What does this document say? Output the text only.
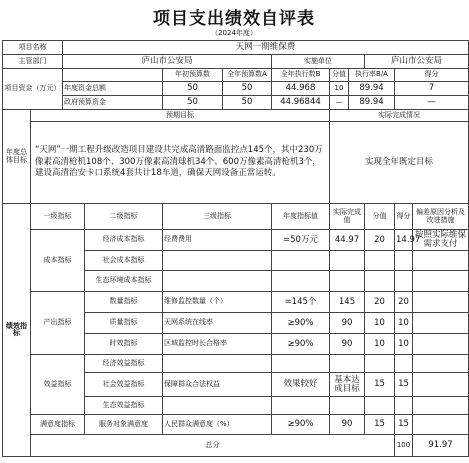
项目支出绩效自评表
（2024年度）
项目名称		天网一期维保费										
主管部门		庐山市公安局				实施单位			庐山市公安局			
项目资金（万元）				年初预算数	全年预算数A	全年执行数B	分值	执行率B/A		得分		
		年度资金总额		50	50	44.968	10	89.94		7		
		政府预算资金		50	50	44.96844	—	89.94		—		
年度总体目标	预期目标						实际完成情况					
	“天网”一期工程升级改造项目建设共完成高清路面监控点145个，其中230万像素高清枪机108个、300万像素高清球机34个、600万像素高清枪机3个，建设高清治安卡口系统4套共计18车道，确保天网设备正常运转。						实现全年既定目标					
绩效指标	一级指标		二级指标	三级指标		年度指标值	实际完成值		分值	得分	偏差原因分析及改进措施	
	成本指标		经济成本指标	经费费用		=50万元	44.97		20	14.97	按照实际维保需求支付	
			社会成本指标									
			生态环境成本指标									
	产出指标		数量指标	维修监控数量（个）		=145个	145		20	20		
			质量指标	天网系统在线率		≥90%	90		10	10		
			时效指标	区域监控时长合格率		≥90%	90		10	10		
	效益指标		经济效益指标									
			社会效益指标	保障群众合法权益		效果较好	基本达成目标		15	15		
			生态效益指标									
	满意度指标		服务对象满意度	人民群众满意度（%）		≥90%	90		15	15		
	总分									100	91.97	
